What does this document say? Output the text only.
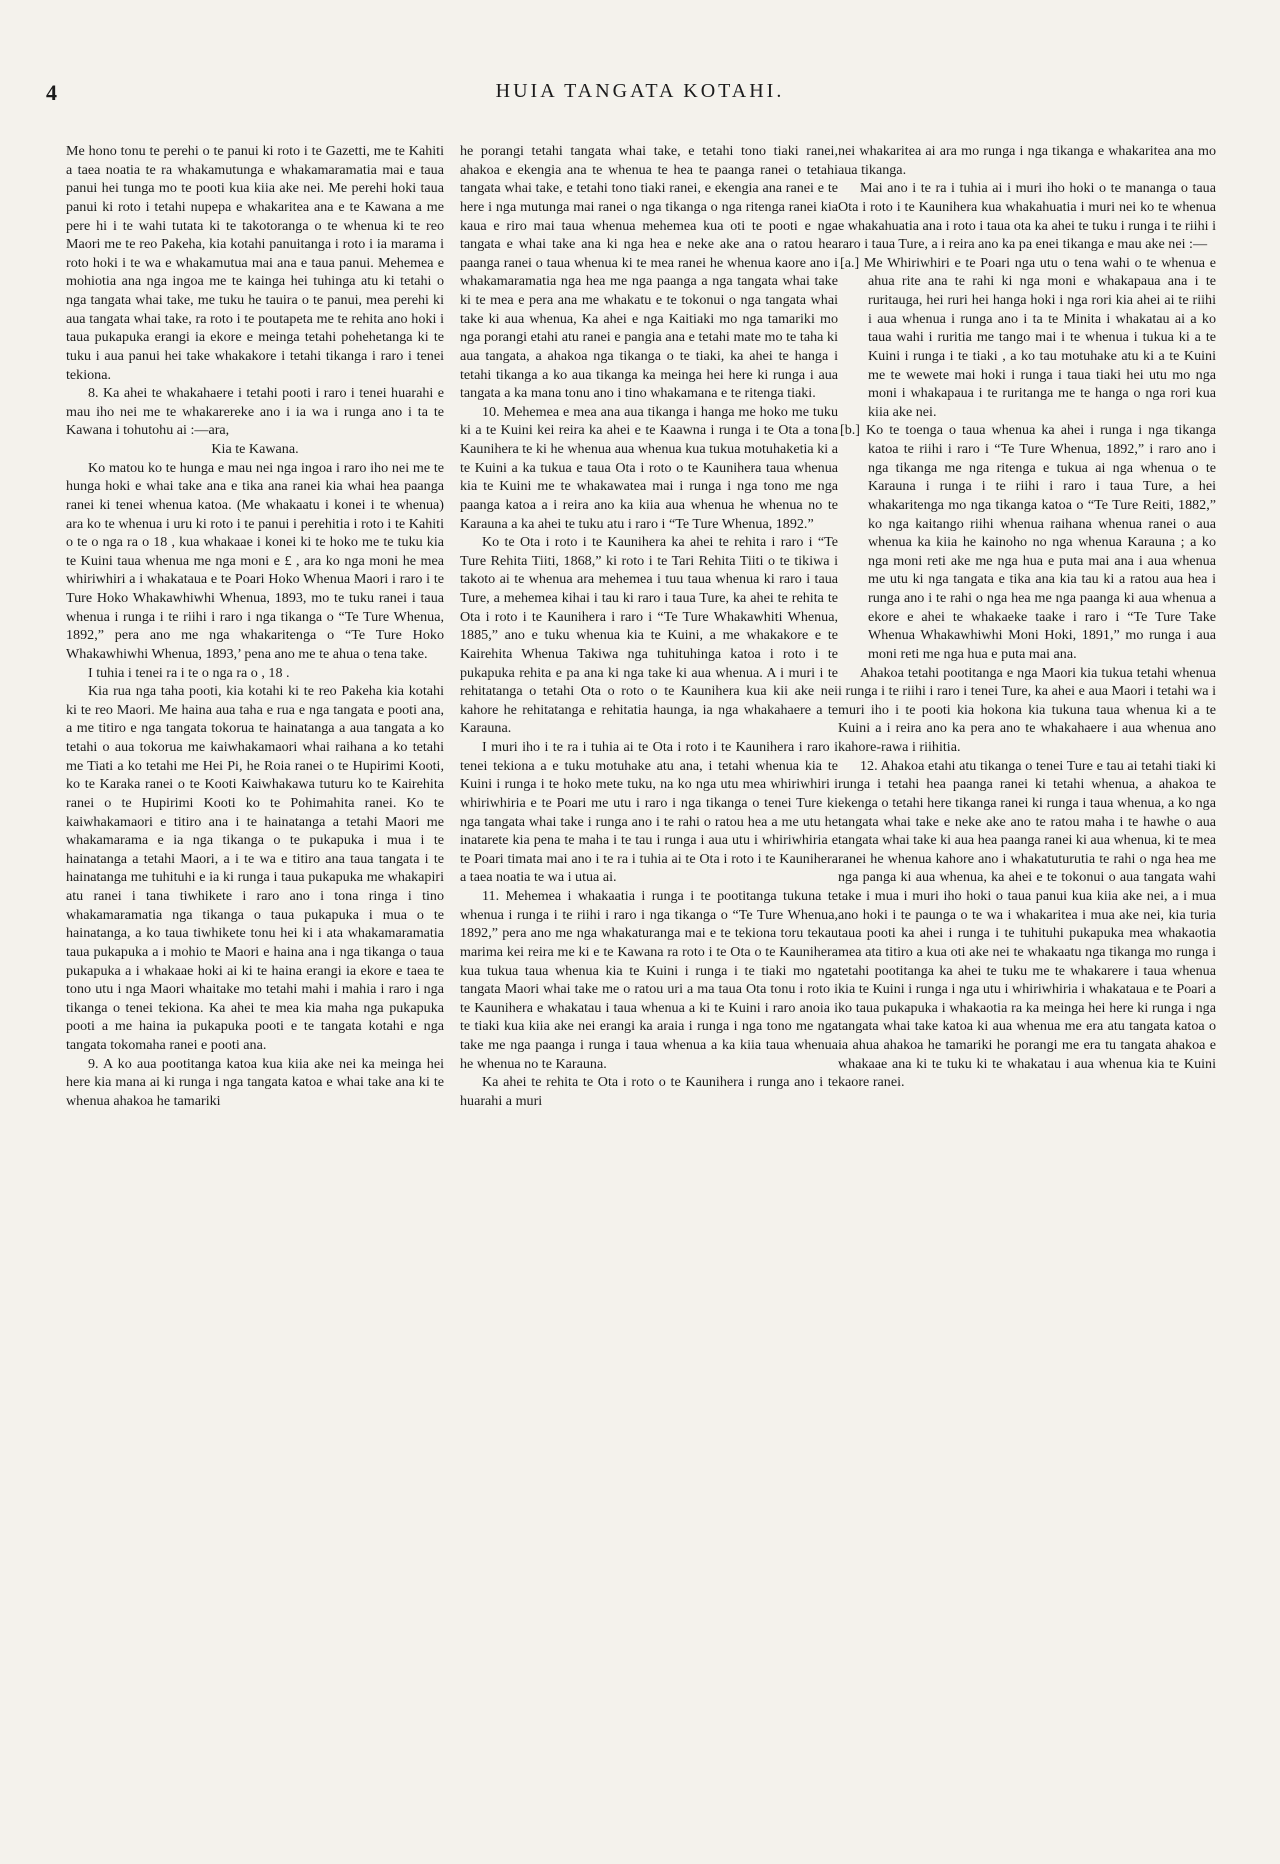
4	HUIA TANGATA KOTAHI.

Me hono tonu te perehi o te panui ki roto i te Gazetti, me te Kahiti a taea noatia te ra whakamutunga e whakamaramatia mai e taua panui hei tunga mo te pooti kua kiia ake nei. Me perehi hoki taua panui ki roto i tetahi nupepa e whakaritea ana e te Kawana a me pere hi i te wahi tutata ki te takotoranga o te whenua ki te reo Maori me te reo Pakeha, kia kotahi panuitanga i roto i ia marama i roto hoki i te wa e whakamutua mai ana e taua panui. Mehemea e mohiotia ana nga ingoa me te kainga hei tuhinga atu ki tetahi o nga tangata whai take, me tuku he tauira o te panui, mea perehi ki aua tangata whai take, ra roto i te poutapeta me te rehita ano hoki i taua pukapuka erangi ia ekore e meinga tetahi pohehetanga ki te tuku i aua panui hei take whakakore i tetahi tikanga i raro i tenei tekiona.

8. Ka ahei te whakahaere i tetahi pooti i raro i tenei huarahi e mau iho nei me te whakarereke ano i ia wa i runga ano i ta te Kawana i tohutohu ai :—ara,

Kia te Kawana.

Ko matou ko te hunga e mau nei nga ingoa i raro iho nei me te hunga hoki e whai take ana e tika ana ranei kia whai hea paanga ranei ki tenei whenua katoa. (Me whakaatu i konei i te whenua) ara ko te whenua i uru ki roto i te panui i perehitia i roto i te Kahiti o te o nga ra o 18 , kua whakaae i konei ki te hoko me te tuku kia te Kuini taua whenua me nga moni e £ , ara ko nga moni he mea whiriwhiri a i whakataua e te Poari Hoko Whenua Maori i raro i te Ture Hoko Whakawhiwhi Whenua, 1893, mo te tuku ranei i taua whenua i runga i te riihi i raro i nga tikanga o “Te Ture Whenua, 1892,” pera ano me nga whakaritenga o “Te Ture Hoko Whakawhiwhi Whenua, 1893,’ pena ano me te ahua o tena take.

I tuhia i tenei ra i te o nga ra o , 18 .

Kia rua nga taha pooti, kia kotahi ki te reo Pakeha kia kotahi ki te reo Maori. Me haina aua taha e rua e nga tangata e pooti ana, a me titiro e nga tangata tokorua te hainatanga a aua tangata a ko tetahi o aua tokorua me kaiwhakamaori whai raihana a ko tetahi me Tiati a ko tetahi me Hei Pi, he Roia ranei o te Hupirimi Kooti, ko te Karaka ranei o te Kooti Kaiwhakawa tuturu ko te Kairehita ranei o te Hupirimi Kooti ko te Pohimahita ranei. Ko te kaiwhakamaori e titiro ana i te hainatanga a tetahi Maori me whakamarama e ia nga tikanga o te pukapuka i mua i te hainatanga a tetahi Maori, a i te wa e titiro ana taua tangata i te hainatanga me tuhituhi e ia ki runga i taua pukapuka me whakapiri atu ranei i tana tiwhikete i raro ano i tona ringa i tino whakamaramatia nga tikanga o taua pukapuka i mua o te hainatanga, a ko taua tiwhikete tonu hei ki i ata whakamaramatia taua pukapuka a i mohio te Maori e haina ana i nga tikanga o taua pukapuka a i whakaae hoki ai ki te haina erangi ia ekore e taea te tono utu i nga Maori whaitake mo tetahi mahi i mahia i raro i nga tikanga o tenei tekiona. Ka ahei te mea kia maha nga pukapuka pooti a me haina ia pukapuka pooti e te tangata kotahi e nga tangata tokomaha ranei e pooti ana.

9. A ko aua pootitanga katoa kua kiia ake nei ka meinga hei here kia mana ai ki runga i nga tangata katoa e whai take ana ki te whenua ahakoa he tamariki

he porangi tetahi tangata whai take, e tetahi tono tiaki ranei, ahakoa e ekengia ana te whenua te hea te paanga ranei o tetahi tangata whai take, e tetahi tono tiaki ranei, e ekengia ana ranei e te here i nga mutunga mai ranei o nga tikanga o nga ritenga ranei kia kaua e riro mai taua whenua mehemea kua oti te pooti e nga tangata e whai take ana ki nga hea e neke ake ana o ratou hea paanga ranei o taua whenua ki te mea ranei he whenua kaore ano i whakamaramatia nga hea me nga paanga a nga tangata whai take ki te mea e pera ana me whakatu e te tokonui o nga tangata whai take ki aua whenua, Ka ahei e nga Kaitiaki mo nga tamariki mo nga porangi etahi atu ranei e pangia ana e tetahi mate mo te taha ki aua tangata, a ahakoa nga tikanga o te tiaki, ka ahei te hanga i tetahi tikanga a ko aua tikanga ka meinga hei here ki runga i aua tangata a ka mana tonu ano i tino whakamana e te ritenga tiaki.

10. Mehemea e mea ana aua tikanga i hanga me hoko me tuku ki a te Kuini kei reira ka ahei e te Kaawna i runga i te Ota a tona Kaunihera te ki he whenua aua whenua kua tukua motuhaketia ki a te Kuini a ka tukua e taua Ota i roto o te Kaunihera taua whenua kia te Kuini me te whakawatea mai i runga i nga tono me nga paanga katoa a i reira ano ka kiia aua whenua he whenua no te Karauna a ka ahei te tuku atu i raro i “Te Ture Whenua, 1892.”

Ko te Ota i roto i te Kaunihera ka ahei te rehita i raro i “Te Ture Rehita Tiiti, 1868,” ki roto i te Tari Rehita Tiiti o te tikiwa i takoto ai te whenua ara mehemea i tuu taua whenua ki raro i taua Ture, a mehemea kihai i tau ki raro i taua Ture, ka ahei te rehita te Ota i roto i te Kaunihera i raro i “Te Ture Whakawhiti Whenua, 1885,” ano e tuku whenua kia te Kuini, a me whakakore e te Kairehita Whenua Takiwa nga tuhituhinga katoa i roto i te pukapuka rehita e pa ana ki nga take ki aua whenua. A i muri i te rehitatanga o tetahi Ota o roto o te Kaunihera kua kii ake nei kahore he rehitatanga e rehitatia haunga, ia nga whakahaere a te Karauna.

I muri iho i te ra i tuhia ai te Ota i roto i te Kaunihera i raro i tenei tekiona a e tuku motuhake atu ana, i tetahi whenua kia te Kuini i runga i te hoko mete tuku, na ko nga utu mea whiriwhiri i whiriwhiria e te Poari me utu i raro i nga tikanga o tenei Ture ki nga tangata whai take i runga ano i te rahi o ratou hea a me utu he inatarete kia pena te maha i te tau i runga i aua utu i whiriwhiria e te Poari timata mai ano i te ra i tuhia ai te Ota i roto i te Kaunihera a taea noatia te wa i utua ai.

11. Mehemea i whakaatia i runga i te pootitanga tukuna te whenua i runga i te riihi i raro i nga tikanga o “Te Ture Whenua, 1892,” pera ano me nga whakaturanga mai e te tekiona toru tekau marima kei reira me ki e te Kawana ra roto i te Ota o te Kaunihera kua tukua taua whenua kia te Kuini i runga i te tiaki mo nga tangata Maori whai take me o ratou uri a ma taua Ota tonu i roto i te Kaunihera e whakatau i taua whenua a ki te Kuini i raro anoia i te tiaki kua kiia ake nei erangi ka araia i runga i nga tono me nga take me nga paanga i runga i taua whenua a ka kiia taua whenua he whenua no te Karauna.

Ka ahei te rehita te Ota i roto o te Kaunihera i runga ano i te huarahi a muri

nei whakaritea ai ara mo runga i nga tikanga e whakaritea ana mo aua tikanga.

Mai ano i te ra i tuhia ai i muri iho hoki o te mananga o taua Ota i roto i te Kaunihera kua whakahuatia i muri nei ko te whenua e whakahuatia ana i roto i taua ota ka ahei te tuku i runga i te riihi i raro i taua Ture, a i reira ano ka pa enei tikanga e mau ake nei :—

[a.] Me Whiriwhiri e te Poari nga utu o tena wahi o te whenua e ahua rite ana te rahi ki nga moni e whakapaua ana i te ruritauga, hei ruri hei hanga hoki i nga rori kia ahei ai te riihi i aua whenua i runga ano i ta te Minita i whakatau ai a ko taua wahi i ruritia me tango mai i te whenua i tukua ki a te Kuini i runga i te tiaki , a ko tau motuhake atu ki a te Kuini me te wewete mai hoki i runga i taua tiaki hei utu mo nga moni i whakapaua i te ruritanga me te hanga o nga rori kua kiia ake nei.

[b.] Ko te toenga o taua whenua ka ahei i runga i nga tikanga katoa te riihi i raro i “Te Ture Whenua, 1892,” i raro ano i nga tikanga me nga ritenga e tukua ai nga whenua o te Karauna i runga i te riihi i raro i taua Ture, a hei whakaritenga mo nga tikanga katoa o “Te Ture Reiti, 1882,” ko nga kaitango riihi whenua raihana whenua ranei o aua whenua ka kiia he kainoho no nga whenua Karauna ; a ko nga moni reti ake me nga hua e puta mai ana i aua whenua me utu ki nga tangata e tika ana kia tau ki a ratou aua hea i runga ano i te rahi o nga hea me nga paanga ki aua whenua a ekore e ahei te whakaeke taake i raro i “Te Ture Take Whenua Whakawhiwhi Moni Hoki, 1891,” mo runga i aua moni reti me nga hua e puta mai ana.

Ahakoa tetahi pootitanga e nga Maori kia tukua tetahi whenua i runga i te riihi i raro i tenei Ture, ka ahei e aua Maori i tetahi wa i muri iho i te pooti kia hokona kia tukuna taua whenua ki a te Kuini a i reira ano ka pera ano te whakahaere i aua whenua ano kahore-rawa i riihitia.

12. Ahakoa etahi atu tikanga o tenei Ture e tau ai tetahi tiaki ki runga i tetahi hea paanga ranei ki tetahi whenua, a ahakoa te ekenga o tetahi here tikanga ranei ki runga i taua whenua, a ko nga tangata whai take e neke ake ano te ratou maha i te hawhe o aua tangata whai take ki aua hea paanga ranei ki aua whenua, ki te mea ranei he whenua kahore ano i whakatuturutia te rahi o nga hea me nga panga ki aua whenua, ka ahei e te tokonui o aua tangata wahi take i mua i muri iho hoki o taua panui kua kiia ake nei, a i mua ano hoki i te paunga o te wa i whakaritea i mua ake nei, kia turia taua pooti ka ahei i runga i te tuhituhi pukapuka mea whakaotia mea ata titiro a kua oti ake nei te whakaatu nga tikanga mo runga i tetahi pootitanga ka ahei te tuku me te whakarere i taua whenua kia te Kuini i runga i nga utu i whiriwhiria i whakataua e te Poari a ko taua pukapuka i whakaotia ra ka meinga hei here ki runga i nga tangata whai take katoa ki aua whenua me era atu tangata katoa o ia ahua ahakoa he tamariki he porangi me era tu tangata ahakoa e whakaae ana ki te tuku ki te whakatau i aua whenua kia te Kuini kaore ranei.
